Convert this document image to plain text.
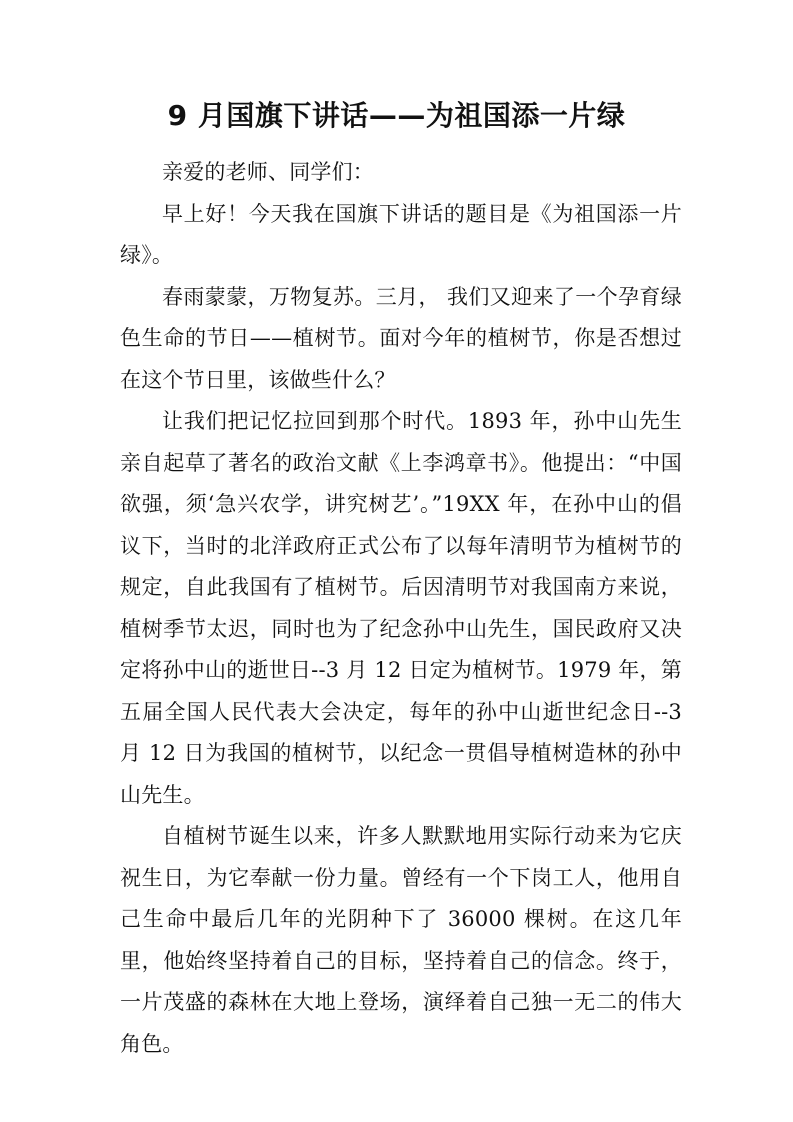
9 月国旗下讲话——为祖国添一片绿

亲爱的老师、同学们：

早上好！今天我在国旗下讲话的题目是《为祖国添一片绿》。

春雨蒙蒙，万物复苏。三月， 我们又迎来了一个孕育绿色生命的节日——植树节。面对今年的植树节，你是否想过在这个节日里，该做些什么？

让我们把记忆拉回到那个时代。1893 年，孙中山先生亲自起草了著名的政治文献《上李鸿章书》。他提出：“中国欲强，须‘急兴农学，讲究树艺’。”19XX 年，在孙中山的倡议下，当时的北洋政府正式公布了以每年清明节为植树节的规定，自此我国有了植树节。后因清明节对我国南方来说，植树季节太迟，同时也为了纪念孙中山先生，国民政府又决定将孙中山的逝世日--3 月 12 日定为植树节。1979 年，第五届全国人民代表大会决定，每年的孙中山逝世纪念日--3 月 12 日为我国的植树节，以纪念一贯倡导植树造林的孙中山先生。

自植树节诞生以来，许多人默默地用实际行动来为它庆祝生日，为它奉献一份力量。曾经有一个下岗工人，他用自己生命中最后几年的光阴种下了 36000 棵树。在这几年里，他始终坚持着自己的目标，坚持着自己的信念。终于，一片茂盛的森林在大地上登场，演绎着自己独一无二的伟大角色。
